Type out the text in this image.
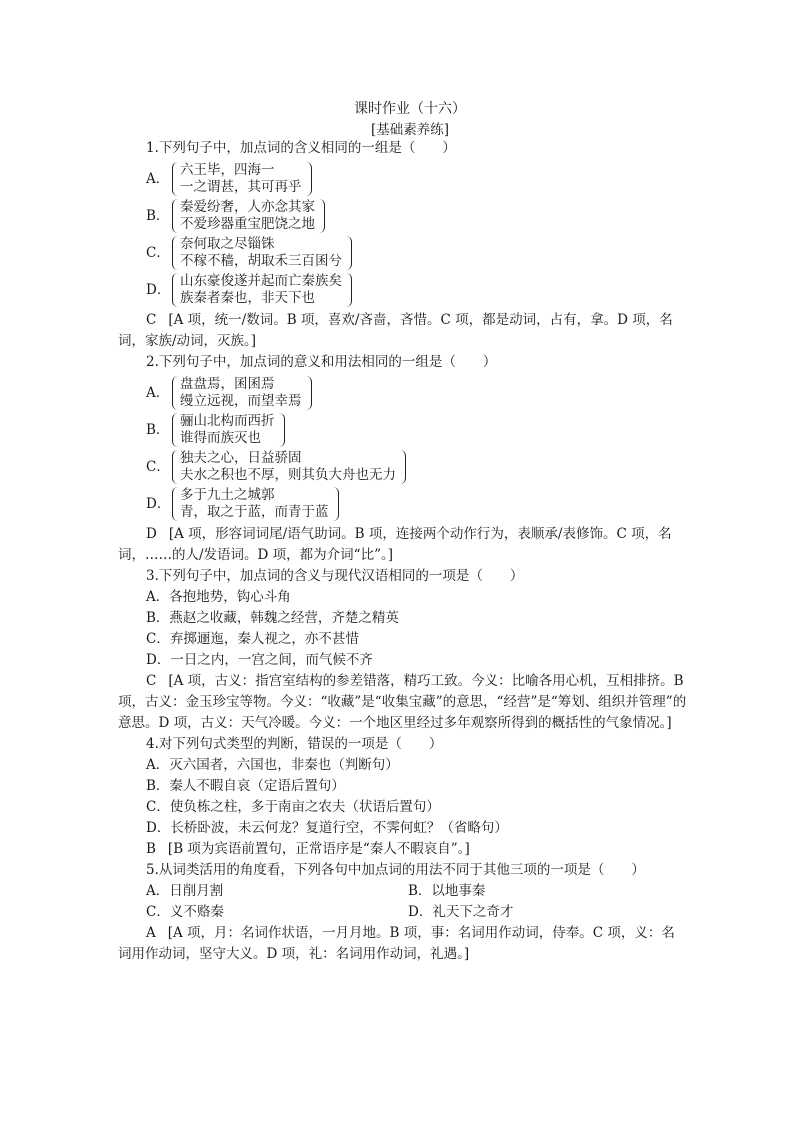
课时作业（十六）
[基础素养练]
1.下列句子中，加点词的含义相同的一组是（　　）
A．
六王毕，四海一
一之谓甚，其可再乎
B．
秦爱纷奢，人亦念其家
不爱珍器重宝肥饶之地
C．
奈何取之尽锱铢
不稼不穑，胡取禾三百囷兮
D．
山东豪俊遂并起而亡秦族矣
族秦者秦也，非天下也
C [A 项，统一/数词。B 项，喜欢/吝啬，吝惜。C 项，都是动词，占有，拿。D 项，名词，家族/动词，灭族。]
2.下列句子中，加点词的意义和用法相同的一组是（　　）
A．
盘盘焉，囷囷焉
缦立远视，而望幸焉
B．
骊山北构而西折
谁得而族灭也
C．
独夫之心，日益骄固
夫水之积也不厚，则其负大舟也无力
D．
多于九土之城郭
青，取之于蓝，而青于蓝
D [A 项，形容词词尾/语气助词。B 项，连接两个动作行为，表顺承/表修饰。C 项，名词，……的人/发语词。D 项，都为介词“比”。]
3.下列句子中，加点词的含义与现代汉语相同的一项是（　　）
A．各抱地势，钩心斗角
B．燕赵之收藏，韩魏之经营，齐楚之精英
C．弃掷逦迤，秦人视之，亦不甚惜
D．一日之内，一宫之间，而气候不齐
C [A 项，古义：指宫室结构的参差错落，精巧工致。今义：比喻各用心机，互相排挤。B 项，古义：金玉珍宝等物。今义：“收藏”是“收集宝藏”的意思，“经营”是“筹划、组织并管理”的意思。D 项，古义：天气冷暖。今义：一个地区里经过多年观察所得到的概括性的气象情况。]
4.对下列句式类型的判断，错误的一项是（　　）
A．灭六国者，六国也，非秦也（判断句）
B．秦人不暇自哀（定语后置句）
C．使负栋之柱，多于南亩之农夫（状语后置句）
D．长桥卧波，未云何龙？复道行空，不霁何虹？（省略句）
B [B 项为宾语前置句，正常语序是“秦人不暇哀自”。]
5.从词类活用的角度看，下列各句中加点词的用法不同于其他三项的一项是（　　）
A．日削月割	B．以地事秦
C．义不赂秦	D．礼天下之奇才
A [A 项，月：名词作状语，一月月地。B 项，事：名词用作动词，侍奉。C 项，义：名词用作动词，坚守大义。D 项，礼：名词用作动词，礼遇。]
